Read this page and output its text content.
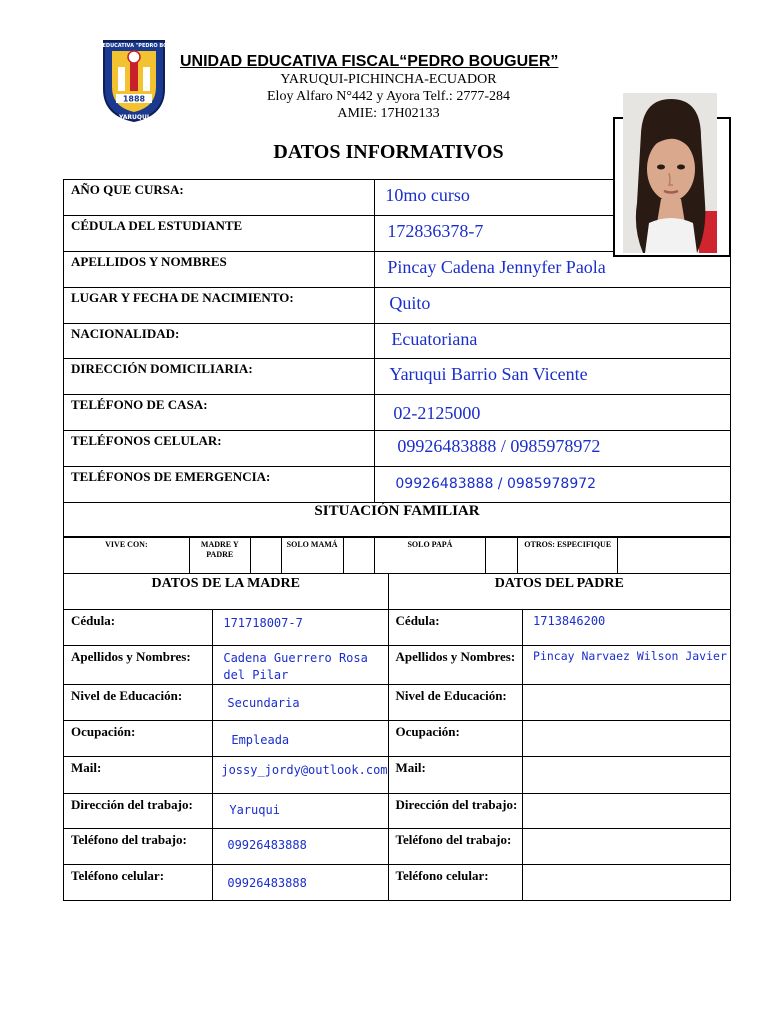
1888
UNIDAD EDUCATIVA "PEDRO BOUGUER"
YARUQUI
UNIDAD EDUCATIVA FISCAL“PEDRO BOUGUER”
YARUQUI-PICHINCHA-ECUADOR
Eloy Alfaro N°442 y Ayora Telf.: 2777-284
AMIE: 17H02133
DATOS INFORMATIVOS
AÑO QUE CURSA:	10mo curso
CÉDULA DEL ESTUDIANTE	172836378-7
APELLIDOS Y NOMBRES	Pincay Cadena Jennyfer Paola
LUGAR Y FECHA DE NACIMIENTO:	Quito
NACIONALIDAD:	Ecuatoriana
DIRECCIÓN DOMICILIARIA:	Yaruqui Barrio San Vicente
TELÉFONO DE CASA:	02-2125000
TELÉFONOS CELULAR:	09926483888 / 0985978972
TELÉFONOS DE EMERGENCIA:	09926483888 / 0985978972
SITUACIÓN FAMILIAR	
VIVE CON:	MADRE Y PADRE		SOLO MAMÁ		SOLO PAPÁ		OTROS: ESPECIFIQUE	
DATOS DE LA MADRE		DATOS DEL PADRE	
Cédula:	171718007-7	Cédula:	1713846200
Apellidos y Nombres:	Cadena Guerrero Rosa del Pilar	Apellidos y Nombres:	Pincay Narvaez Wilson Javier
Nivel de Educación:	Secundaria	Nivel de Educación:	
Ocupación:	Empleada	Ocupación:	
Mail:	jossy_jordy@outlook.com	Mail:	
Dirección del trabajo:	Yaruqui	Dirección del trabajo:	
Teléfono del trabajo:	09926483888	Teléfono del trabajo:	
Teléfono celular:	09926483888	Teléfono celular:	
